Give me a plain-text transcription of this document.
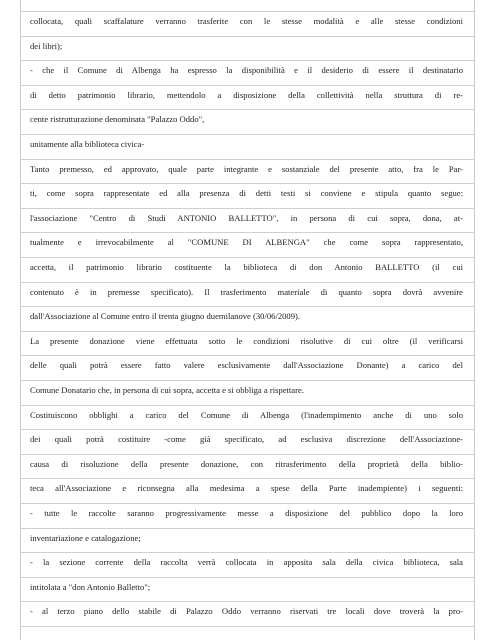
collocata, quali scaffalature verranno trasferite con le stesse modalità e alle stesse condizioni
dei libri);
- che il Comune di Albenga ha espresso la disponibilità e il desiderio di essere il destinatario
di detto patrimonio librario, mettendolo a disposizione della collettività nella struttura di re-
cente ristrutturazione denominata "Palazzo Oddo",
unitamente alla biblioteca civica-
Tanto premesso, ed approvato, quale parte integrante e sostanziale del presente atto, fra le Par-
ti, come sopra rappresentate ed alla presenza di detti testi si conviene e stipula quanto segue:
l'associazione "Centro di Studi ANTONIO BALLETTO", in persona di cui sopra, dona, at-
tualmente e irrevocabilmente al "COMUNE DI ALBENGA" che come sopra rappresentato,
accetta, il patrimonio librario costituente la biblioteca di don Antonio BALLETTO (il cui
contenuto è in premesse specificato). Il trasferimento materiale di quanto sopra dovrà avvenire
dall'Associazione al Comune entro il trenta giugno duemilanove (30/06/2009).
La presente donazione viene effettuata sotto le condizioni risolutive di cui oltre (il verificarsi
delle quali potrà essere fatto valere esclusivamente dall'Associazione Donante) a carico del
Comune Donatario che, in persona di cui sopra, accetta e si obbliga a rispettare.
Costituiscono obblighi a carico del Comune di Albenga (l'inadempimento anche di uno solo
dei quali potrà costituire -come già specificato, ad esclusiva discrezione dell'Associazione-
causa di risoluzione della presente donazione, con ritrasferimento della proprietà della biblio-
teca all'Associazione e riconsegna alla medesima a spese della Parte inadempiente) i seguenti:
- tutte le raccolte saranno progressivamente messe a disposizione del pubblico dopo la loro
inventariazione e catalogazione;
- la sezione corrente della raccolta verrà collocata in apposita sala della civica biblioteca, sala
intitolata a "don Antonio Balletto";
- al terzo piano dello stabile di Palazzo Oddo verranno riservati tre locali dove troverà la pro-
